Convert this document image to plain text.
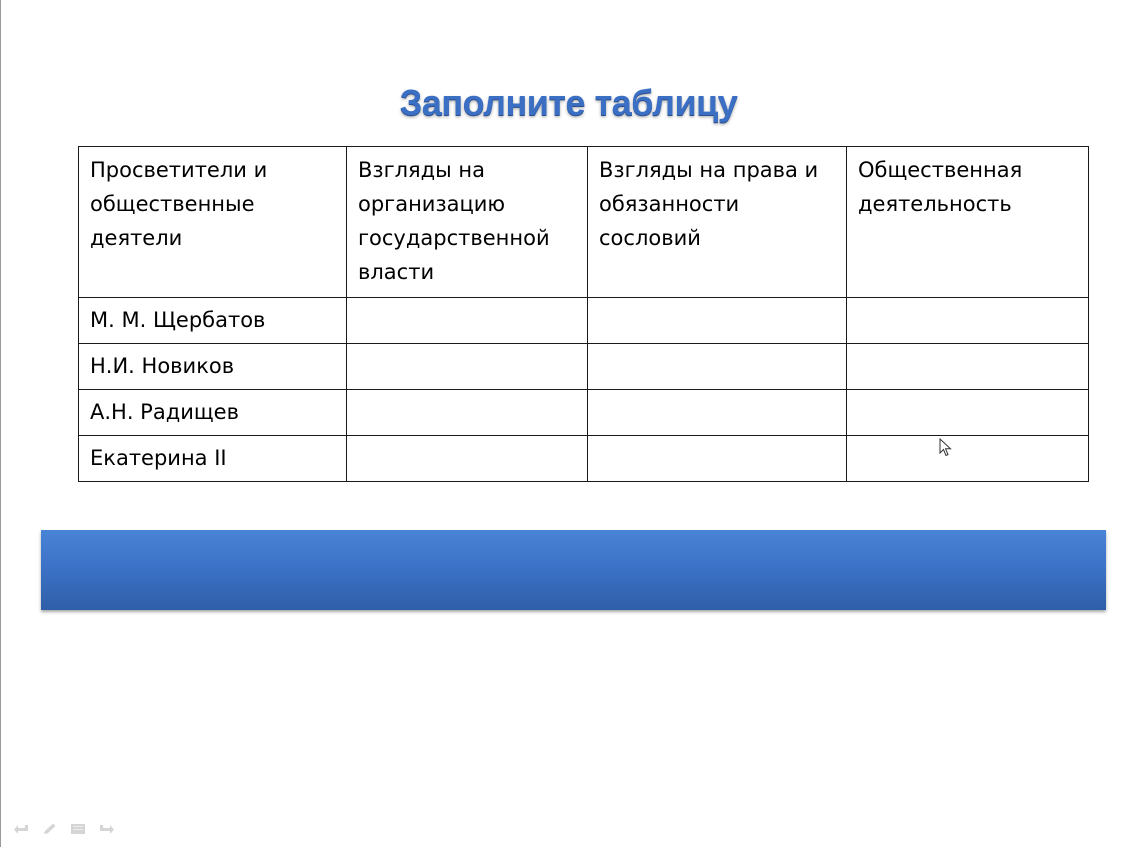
Заполните таблицу
Просветители и общественные деятели	Взгляды на организацию государственной власти	Взгляды на права и обязанности сословий	Общественная деятельность
М. М. Щербатов			
Н.И. Новиков			
А.Н. Радищев			
Екатерина II			
